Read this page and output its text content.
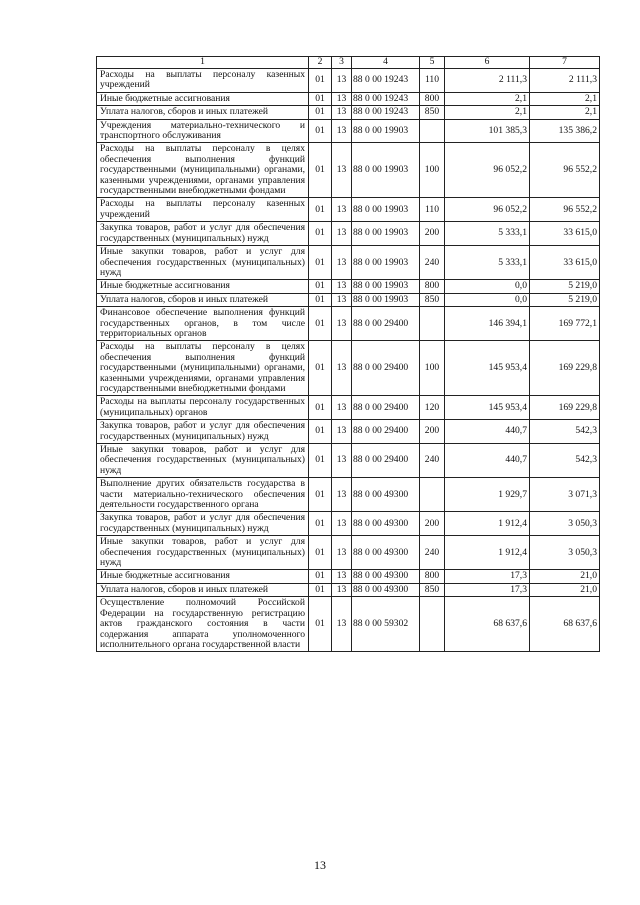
1	2	3	4	5	6	7
Расходы на выплаты персоналу казенных учреждений	01	13	88 0 00 19243	110	2 111,3	2 111,3
Иные бюджетные ассигнования	01	13	88 0 00 19243	800	2,1	2,1
Уплата налогов, сборов и иных платежей	01	13	88 0 00 19243	850	2,1	2,1
Учреждения материально-технического и транспортного обслуживания	01	13	88 0 00 19903		101 385,3	135 386,2
Расходы на выплаты персоналу в целях обеспечения выполнения функций государственными (муниципальными) органами, казенными учреждениями, органами управления государственными внебюджетными фондами	01	13	88 0 00 19903	100	96 052,2	96 552,2
Расходы на выплаты персоналу казенных учреждений	01	13	88 0 00 19903	110	96 052,2	96 552,2
Закупка товаров, работ и услуг для обеспечения государственных (муниципальных) нужд	01	13	88 0 00 19903	200	5 333,1	33 615,0
Иные закупки товаров, работ и услуг для обеспечения государственных (муниципальных) нужд	01	13	88 0 00 19903	240	5 333,1	33 615,0
Иные бюджетные ассигнования	01	13	88 0 00 19903	800	0,0	5 219,0
Уплата налогов, сборов и иных платежей	01	13	88 0 00 19903	850	0,0	5 219,0
Финансовое обеспечение выполнения функций государственных органов, в том числе территориальных органов	01	13	88 0 00 29400		146 394,1	169 772,1
Расходы на выплаты персоналу в целях обеспечения выполнения функций государственными (муниципальными) органами, казенными учреждениями, органами управления государственными внебюджетными фондами	01	13	88 0 00 29400	100	145 953,4	169 229,8
Расходы на выплаты персоналу государственных (муниципальных) органов	01	13	88 0 00 29400	120	145 953,4	169 229,8
Закупка товаров, работ и услуг для обеспечения государственных (муниципальных) нужд	01	13	88 0 00 29400	200	440,7	542,3
Иные закупки товаров, работ и услуг для обеспечения государственных (муниципальных) нужд	01	13	88 0 00 29400	240	440,7	542,3
Выполнение других обязательств государства в части материально-технического обеспечения деятельности государственного органа	01	13	88 0 00 49300		1 929,7	3 071,3
Закупка товаров, работ и услуг для обеспечения государственных (муниципальных) нужд	01	13	88 0 00 49300	200	1 912,4	3 050,3
Иные закупки товаров, работ и услуг для обеспечения государственных (муниципальных) нужд	01	13	88 0 00 49300	240	1 912,4	3 050,3
Иные бюджетные ассигнования	01	13	88 0 00 49300	800	17,3	21,0
Уплата налогов, сборов и иных платежей	01	13	88 0 00 49300	850	17,3	21,0
Осуществление полномочий Российской Федерации на государственную регистрацию актов гражданского состояния в части содержания аппарата уполномоченного исполнительного органа государственной власти	01	13	88 0 00 59302		68 637,6	68 637,6
13
